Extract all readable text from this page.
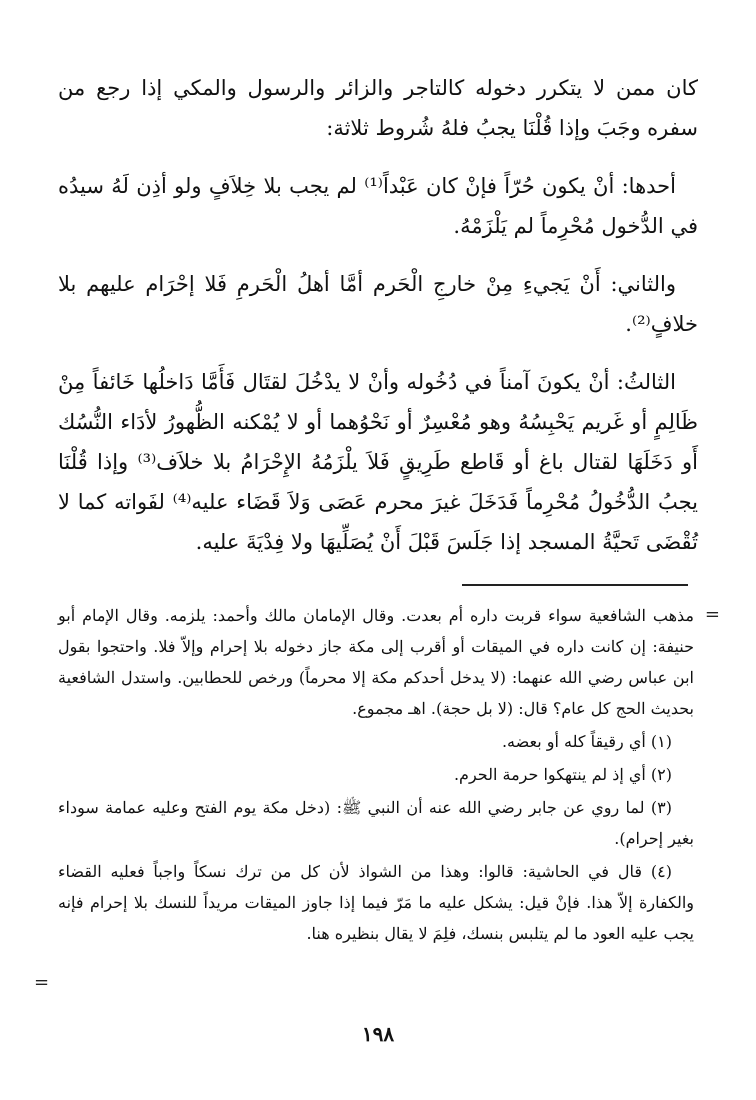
كان ممن لا يتكرر دخوله كالتاجر والزائر والرسول والمكي إذا رجع من سفره وجَبَ وإذا قُلْنَا يجبُ فلهُ شُروط ثلاثة:

أحدها: أنْ يكون حُرّاً فإنْ كان عَبْداً⁽¹⁾ لم يجب بلا خِلاَفٍ ولو أذِن لَهُ سيدُه في الدُّخول مُحْرِماً لم يَلْزَمْهُ.

والثاني: أَنْ يَجيءِ مِنْ خارجِ الْحَرم أمَّا أهلُ الْحَرمِ فَلا إحْرَام عليهم بلا خلافٍ⁽²⁾.

الثالثُ: أنْ يكونَ آمناً في دُخُوله وأنْ لا يدْخُلَ لقتَال فَأَمَّا دَاخلُها خَائفاً مِنْ ظَالِمٍ أو غَريم يَحْبِسُهُ وهو مُعْسِرٌ أو نَحْوُهما أو لا يُمْكنه الظُّهورُ لأدَاء النُّسُك أَو دَخَلَهَا لقتال باغ أو قَاطع طَرِيقٍ فَلاَ يلْزَمُهُ الإِحْرَامُ بلا خلاَف⁽³⁾ وإذا قُلْنَا يجبُ الدُّخُولُ مُحْرِماً فَدَخَلَ غيرَ محرم عَصَى وَلاَ قَضَاء عليه⁽⁴⁾ لفَواته كما لا تُقْضَى تَحيَّةُ المسجد إذا جَلَسَ قَبْلَ أَنْ يُصَلِّيهَا ولا فِدْيَةَ عليه.

=

مذهب الشافعية سواء قربت داره أم بعدت. وقال الإمامان مالك وأحمد: يلزمه. وقال الإمام أبو حنيفة: إن كانت داره في الميقات أو أقرب إلى مكة جاز دخوله بلا إحرام وإلاّ فلا. واحتجوا بقول ابن عباس رضي الله عنهما: (لا يدخل أحدكم مكة إلا محرماً) ورخص للحطابين. واستدل الشافعية بحديث الحج كل عام؟ قال: (لا بل حجة). اهـ مجموع.

(١) أي رقيقاً كله أو بعضه.

(٢) أي إذ لم ينتهكوا حرمة الحرم.

(٣) لما روي عن جابر رضي الله عنه أن النبي ﷺ: (دخل مكة يوم الفتح وعليه عمامة سوداء بغير إحرام).

(٤) قال في الحاشية: قالوا: وهذا من الشواذ لأن كل من ترك نسكاً واجباً فعليه القضاء والكفارة إلاّ هذا. فإنْ قيل: يشكل عليه ما مَرّ فيما إذا جاوز الميقات مريداً للنسك بلا إحرام فإنه يجب عليه العود ما لم يتلبس بنسك، فلِمَ لا يقال بنظيره هنا.

=
١٩٨
